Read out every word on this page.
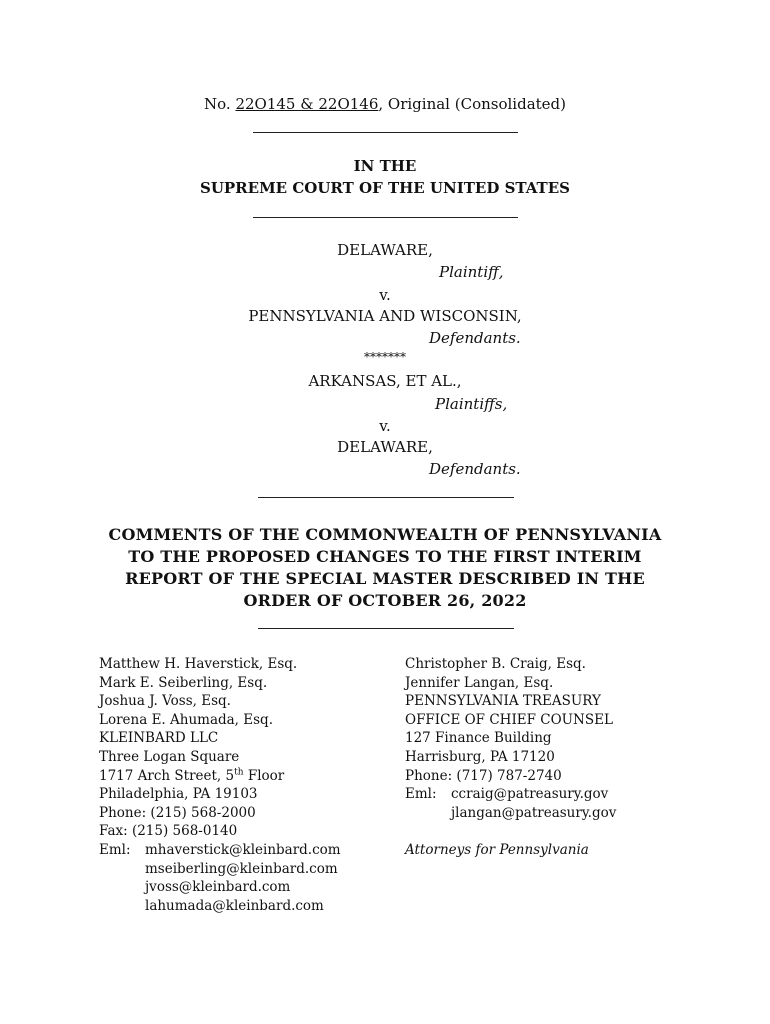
No. 22O145 & 22O146, Original (Consolidated)
IN THE
SUPREME COURT OF THE UNITED STATES
DELAWARE,
Plaintiff,
v.
PENNSYLVANIA AND WISCONSIN,
Defendants.
*******
ARKANSAS, ET AL.,
Plaintiffs,
v.
DELAWARE,
Defendants.
COMMENTS OF THE COMMONWEALTH OF PENNSYLVANIA
TO THE PROPOSED CHANGES TO THE FIRST INTERIM
REPORT OF THE SPECIAL MASTER DESCRIBED IN THE
ORDER OF OCTOBER 26, 2022
Matthew H. Haverstick, Esq.
Mark E. Seiberling, Esq.
Joshua J. Voss, Esq.
Lorena E. Ahumada, Esq.
KLEINBARD LLC
Three Logan Square
1717 Arch Street, 5th Floor
Philadelphia, PA 19103
Phone: (215) 568-2000
Fax: (215) 568-0140
Eml: mhaverstick@kleinbard.com
mseiberling@kleinbard.com
jvoss@kleinbard.com
lahumada@kleinbard.com
Christopher B. Craig, Esq.
Jennifer Langan, Esq.
PENNSYLVANIA TREASURY
OFFICE OF CHIEF COUNSEL
127 Finance Building
Harrisburg, PA 17120
Phone: (717) 787-2740
Eml: ccraig@patreasury.gov
jlangan@patreasury.gov
Attorneys for Pennsylvania
